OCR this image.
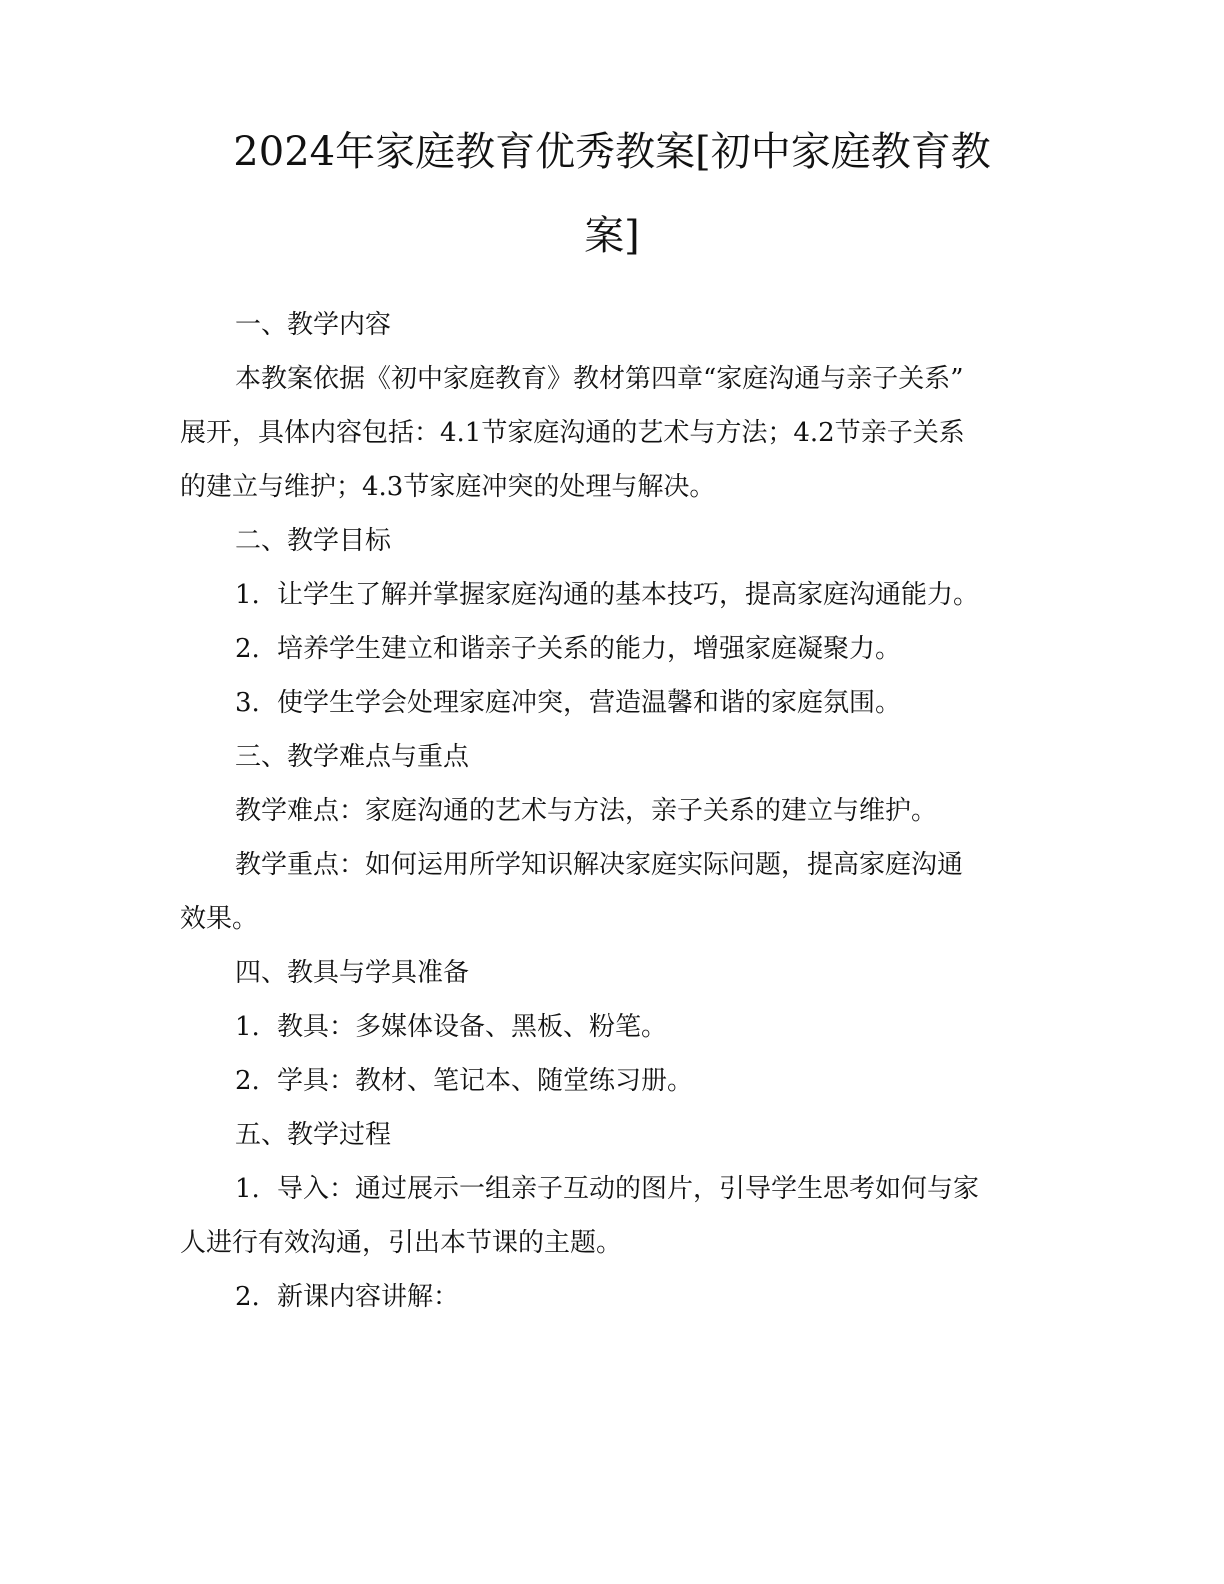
2024年家庭教育优秀教案[初中家庭教育教
案]

一、教学内容

本教案依据《初中家庭教育》教材第四章“家庭沟通与亲子关系”

展开，具体内容包括：4.1节家庭沟通的艺术与方法；4.2节亲子关系

的建立与维护；4.3节家庭冲突的处理与解决。

二、教学目标

1. 让学生了解并掌握家庭沟通的基本技巧，提高家庭沟通能力。

2. 培养学生建立和谐亲子关系的能力，增强家庭凝聚力。

3. 使学生学会处理家庭冲突，营造温馨和谐的家庭氛围。

三、教学难点与重点

教学难点：家庭沟通的艺术与方法，亲子关系的建立与维护。

教学重点：如何运用所学知识解决家庭实际问题，提高家庭沟通

效果。

四、教具与学具准备

1. 教具：多媒体设备、黑板、粉笔。

2. 学具：教材、笔记本、随堂练习册。

五、教学过程

1. 导入：通过展示一组亲子互动的图片，引导学生思考如何与家

人进行有效沟通，引出本节课的主题。

2. 新课内容讲解：
